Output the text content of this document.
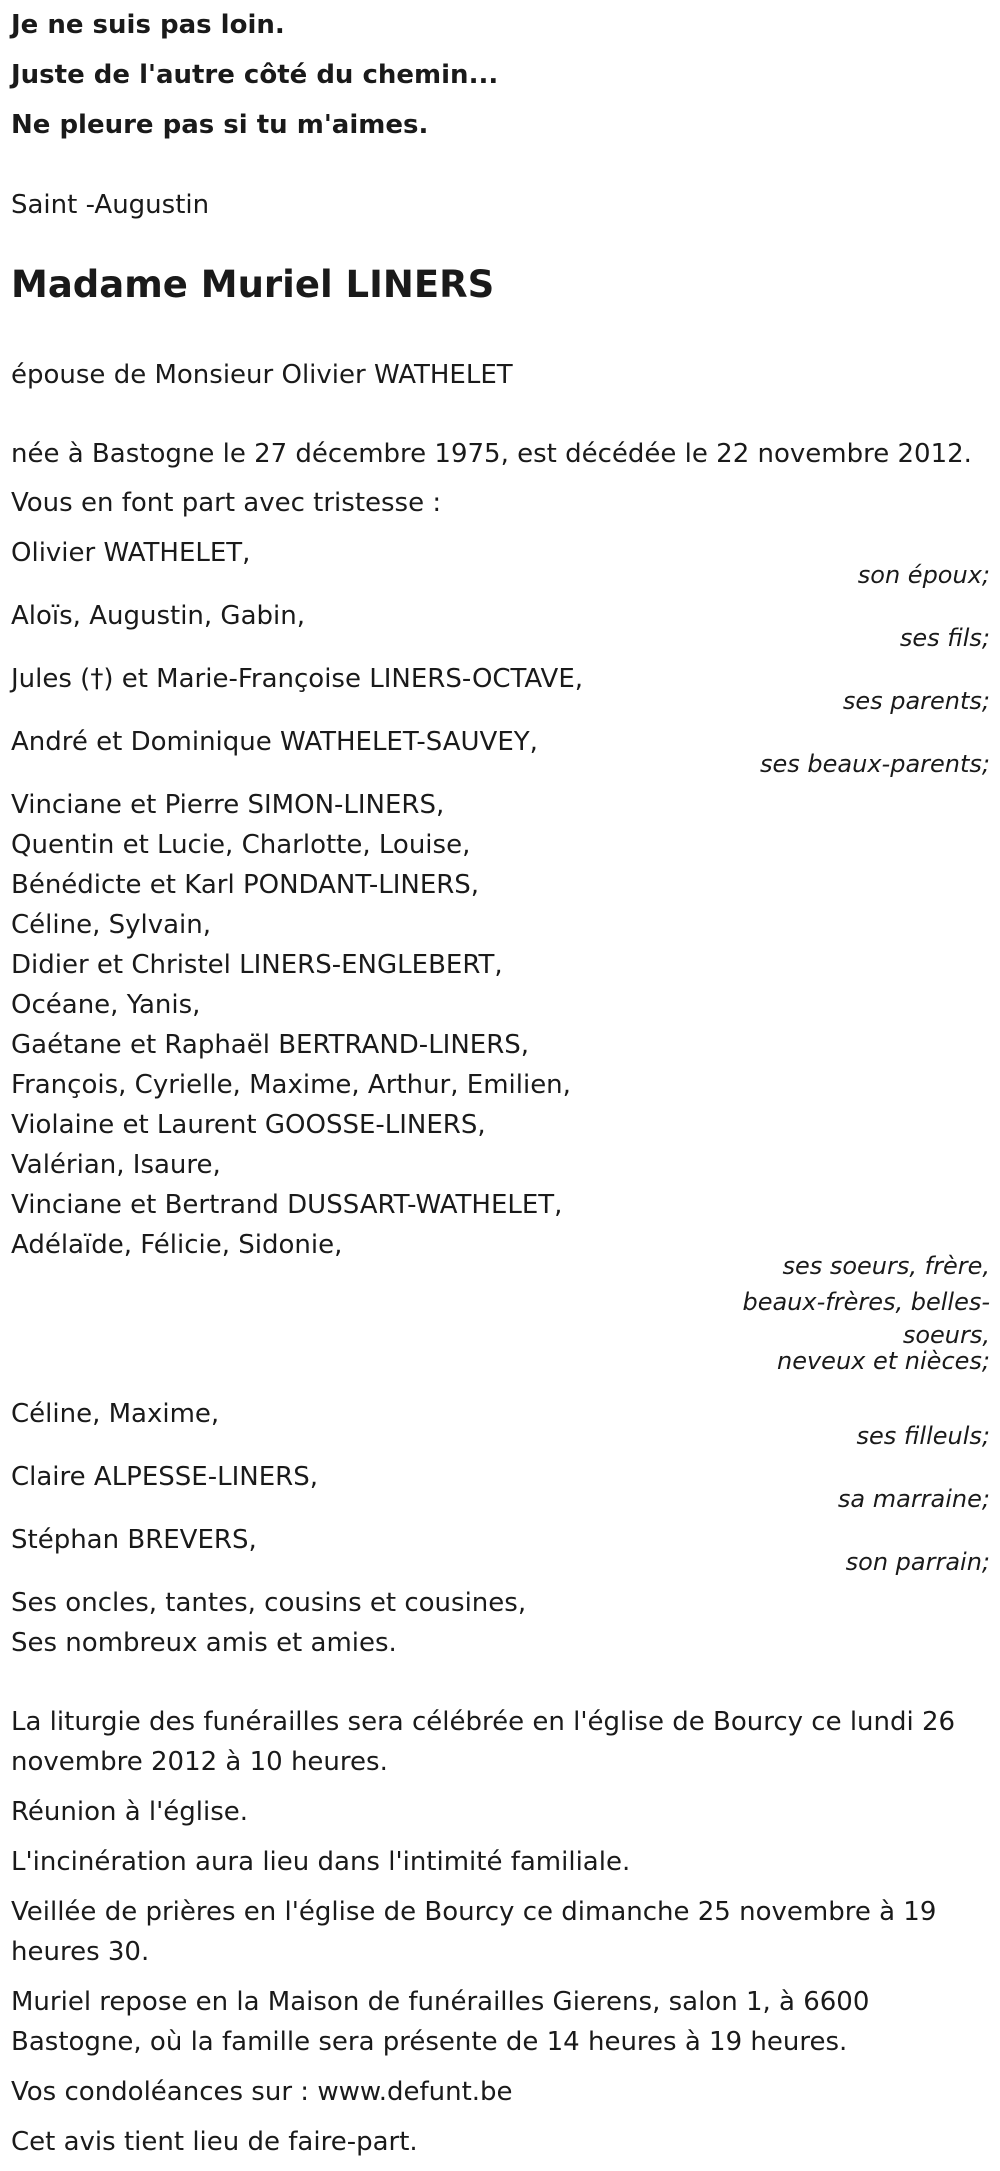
Je ne suis pas loin.
Juste de l'autre côté du chemin...
Ne pleure pas si tu m'aimes.
Saint -Augustin
Madame Muriel LINERS
épouse de Monsieur Olivier WATHELET
née à Bastogne le 27 décembre 1975, est décédée le 22 novembre 2012.
Vous en font part avec tristesse :
Olivier WATHELET,
son époux;
Aloïs, Augustin, Gabin,
ses fils;
Jules (†) et Marie-Françoise LINERS-OCTAVE,
ses parents;
André et Dominique WATHELET-SAUVEY,
ses beaux-parents;
Vinciane et Pierre SIMON-LINERS,
Quentin et Lucie, Charlotte, Louise,
Bénédicte et Karl PONDANT-LINERS,
Céline, Sylvain,
Didier et Christel LINERS-ENGLEBERT,
Océane, Yanis,
Gaétane et Raphaël BERTRAND-LINERS,
François, Cyrielle, Maxime, Arthur, Emilien,
Violaine et Laurent GOOSSE-LINERS,
Valérian, Isaure,
Vinciane et Bertrand DUSSART-WATHELET,
Adélaïde, Félicie, Sidonie,
ses soeurs, frère,
beaux-frères, belles-
soeurs,
neveux et nièces;
Céline, Maxime,
ses filleuls;
Claire ALPESSE-LINERS,
sa marraine;
Stéphan BREVERS,
son parrain;
Ses oncles, tantes, cousins et cousines,
Ses nombreux amis et amies.
La liturgie des funérailles sera célébrée en l'église de Bourcy ce lundi 26
novembre 2012 à 10 heures.
Réunion à l'église.
L'incinération aura lieu dans l'intimité familiale.
Veillée de prières en l'église de Bourcy ce dimanche 25 novembre à 19
heures 30.
Muriel repose en la Maison de funérailles Gierens, salon 1, à 6600
Bastogne, où la famille sera présente de 14 heures à 19 heures.
Vos condoléances sur : www.defunt.be
Cet avis tient lieu de faire-part.
